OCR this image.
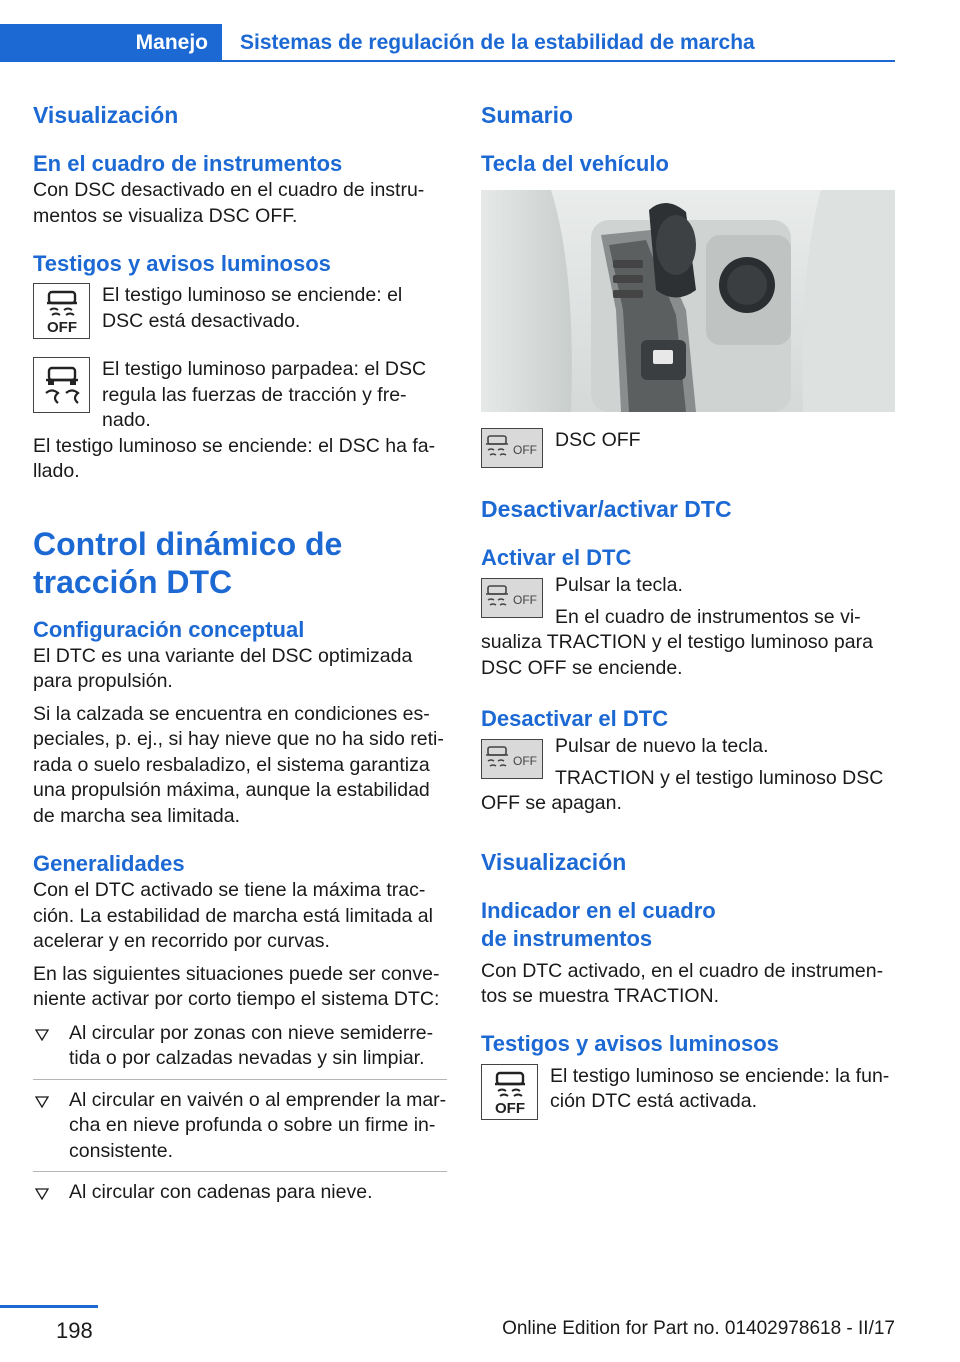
Manejo Sistemas de regulación de la estabilidad de marcha
Visualización
En el cuadro de instrumentos

Con DSC desactivado en el cuadro de instru-mentos se visualiza DSC OFF.

Testigos y avisos luminosos
OFF

El testigo luminoso se enciende: el DSC está desactivado.

El testigo luminoso parpadea: el DSC regula las fuerzas de tracción y fre-nado.

El testigo luminoso se enciende: el DSC ha fa-llado.

Control dinámico de tracción DTC
Configuración conceptual

El DTC es una variante del DSC optimizada para propulsión.

Si la calzada se encuentra en condiciones es-peciales, p. ej., si hay nieve que no ha sido reti-rada o suelo resbaladizo, el sistema garantiza una propulsión máxima, aunque la estabilidad de marcha sea limitada.

Generalidades

Con el DTC activado se tiene la máxima trac-ción. La estabilidad de marcha está limitada al acelerar y en recorrido por curvas.

En las siguientes situaciones puede ser conve-niente activar por corto tiempo el sistema DTC:

Al circular por zonas con nieve semiderre-tida o por calzadas nevadas y sin limpiar.
Al circular en vaivén o al emprender la mar-cha en nieve profunda o sobre un firme in-consistente.
Al circular con cadenas para nieve.
Sumario
Tecla del vehículo
OFF DSC OFF

Desactivar/activar DTC
Activar el DTC
OFF

Pulsar la tecla.

En el cuadro de instrumentos se vi-

sualiza TRACTION y el testigo luminoso para DSC OFF se enciende.

Desactivar el DTC
OFF

Pulsar de nuevo la tecla.

TRACTION y el testigo luminoso DSC

OFF se apagan.

Visualización
Indicador en el cuadro de instrumentos

Con DTC activado, en el cuadro de instrumen-tos se muestra TRACTION.

Testigos y avisos luminosos
OFF

El testigo luminoso se enciende: la fun-ción DTC está activada.

198	Online Edition for Part no. 01402978618 - II/17
